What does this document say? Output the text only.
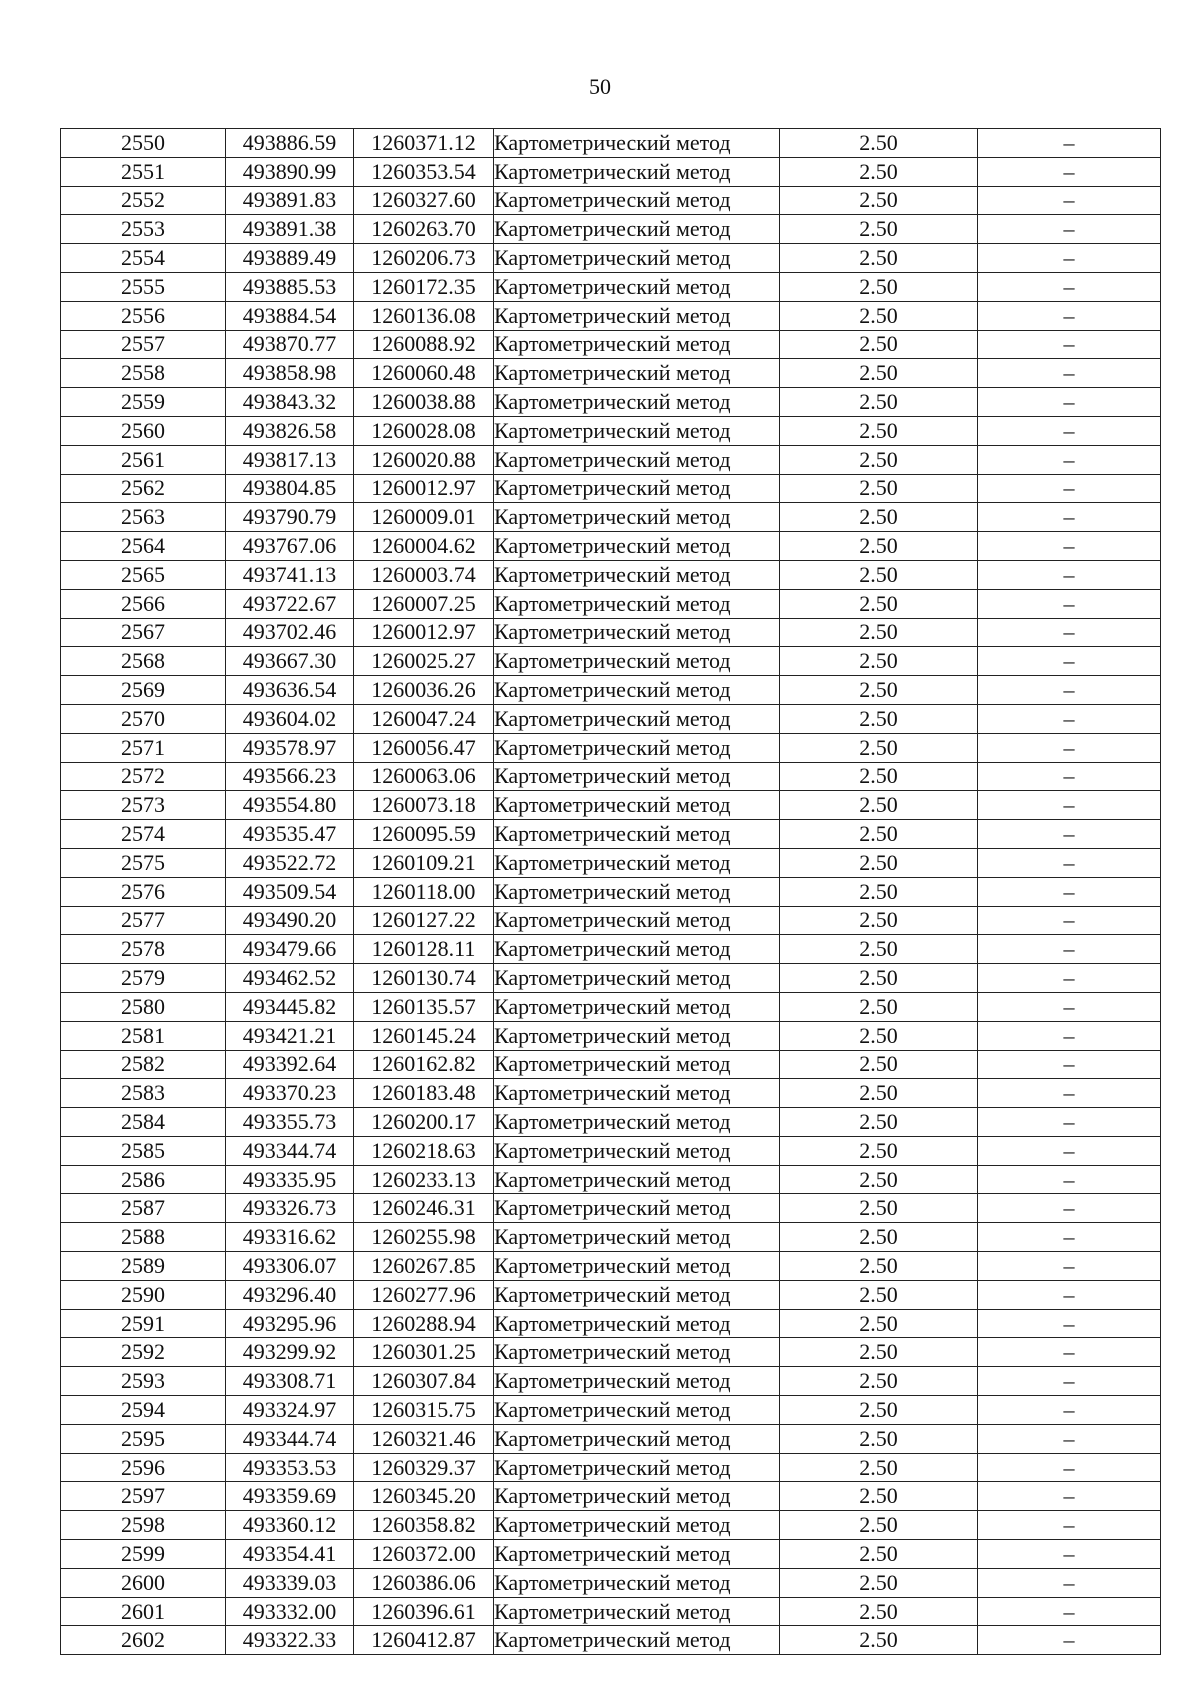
50
2550	493886.59	1260371.12	Картометрический метод	2.50	–
2551	493890.99	1260353.54	Картометрический метод	2.50	–
2552	493891.83	1260327.60	Картометрический метод	2.50	–
2553	493891.38	1260263.70	Картометрический метод	2.50	–
2554	493889.49	1260206.73	Картометрический метод	2.50	–
2555	493885.53	1260172.35	Картометрический метод	2.50	–
2556	493884.54	1260136.08	Картометрический метод	2.50	–
2557	493870.77	1260088.92	Картометрический метод	2.50	–
2558	493858.98	1260060.48	Картометрический метод	2.50	–
2559	493843.32	1260038.88	Картометрический метод	2.50	–
2560	493826.58	1260028.08	Картометрический метод	2.50	–
2561	493817.13	1260020.88	Картометрический метод	2.50	–
2562	493804.85	1260012.97	Картометрический метод	2.50	–
2563	493790.79	1260009.01	Картометрический метод	2.50	–
2564	493767.06	1260004.62	Картометрический метод	2.50	–
2565	493741.13	1260003.74	Картометрический метод	2.50	–
2566	493722.67	1260007.25	Картометрический метод	2.50	–
2567	493702.46	1260012.97	Картометрический метод	2.50	–
2568	493667.30	1260025.27	Картометрический метод	2.50	–
2569	493636.54	1260036.26	Картометрический метод	2.50	–
2570	493604.02	1260047.24	Картометрический метод	2.50	–
2571	493578.97	1260056.47	Картометрический метод	2.50	–
2572	493566.23	1260063.06	Картометрический метод	2.50	–
2573	493554.80	1260073.18	Картометрический метод	2.50	–
2574	493535.47	1260095.59	Картометрический метод	2.50	–
2575	493522.72	1260109.21	Картометрический метод	2.50	–
2576	493509.54	1260118.00	Картометрический метод	2.50	–
2577	493490.20	1260127.22	Картометрический метод	2.50	–
2578	493479.66	1260128.11	Картометрический метод	2.50	–
2579	493462.52	1260130.74	Картометрический метод	2.50	–
2580	493445.82	1260135.57	Картометрический метод	2.50	–
2581	493421.21	1260145.24	Картометрический метод	2.50	–
2582	493392.64	1260162.82	Картометрический метод	2.50	–
2583	493370.23	1260183.48	Картометрический метод	2.50	–
2584	493355.73	1260200.17	Картометрический метод	2.50	–
2585	493344.74	1260218.63	Картометрический метод	2.50	–
2586	493335.95	1260233.13	Картометрический метод	2.50	–
2587	493326.73	1260246.31	Картометрический метод	2.50	–
2588	493316.62	1260255.98	Картометрический метод	2.50	–
2589	493306.07	1260267.85	Картометрический метод	2.50	–
2590	493296.40	1260277.96	Картометрический метод	2.50	–
2591	493295.96	1260288.94	Картометрический метод	2.50	–
2592	493299.92	1260301.25	Картометрический метод	2.50	–
2593	493308.71	1260307.84	Картометрический метод	2.50	–
2594	493324.97	1260315.75	Картометрический метод	2.50	–
2595	493344.74	1260321.46	Картометрический метод	2.50	–
2596	493353.53	1260329.37	Картометрический метод	2.50	–
2597	493359.69	1260345.20	Картометрический метод	2.50	–
2598	493360.12	1260358.82	Картометрический метод	2.50	–
2599	493354.41	1260372.00	Картометрический метод	2.50	–
2600	493339.03	1260386.06	Картометрический метод	2.50	–
2601	493332.00	1260396.61	Картометрический метод	2.50	–
2602	493322.33	1260412.87	Картометрический метод	2.50	–
